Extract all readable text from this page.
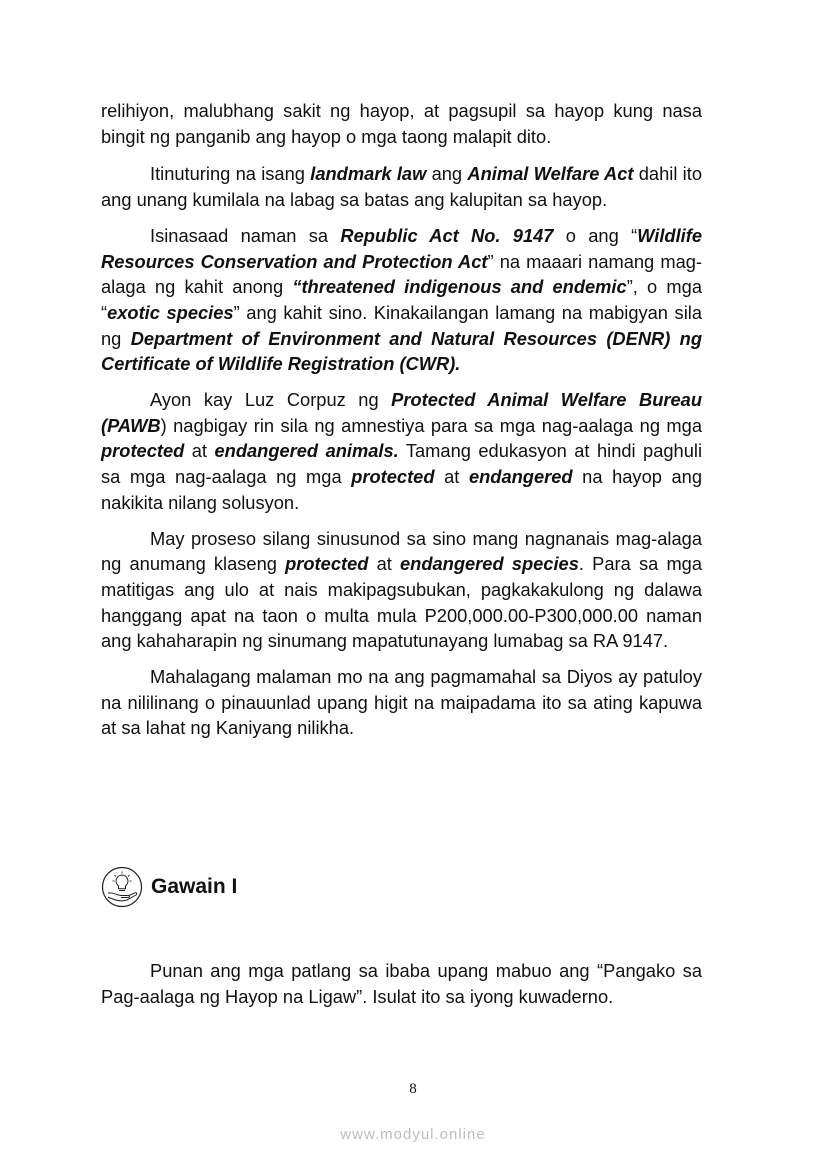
relihiyon, malubhang sakit ng hayop, at pagsupil sa hayop kung nasa bingit ng panganib ang hayop o mga taong malapit dito.

Itinuturing na isang landmark law ang Animal Welfare Act dahil ito ang unang kumilala na labag sa batas ang kalupitan sa hayop.

Isinasaad naman sa Republic Act No. 9147 o ang “Wildlife Resources Conservation and Protection Act” na maaari namang mag-alaga ng kahit anong “threatened indigenous and endemic”, o mga “exotic species” ang kahit sino. Kinakailangan lamang na mabigyan sila ng Department of Environment and Natural Resources (DENR) ng Certificate of Wildlife Registration (CWR).

Ayon kay Luz Corpuz ng Protected Animal Welfare Bureau (PAWB) nagbigay rin sila ng amnestiya para sa mga nag-aalaga ng mga protected at endangered animals. Tamang edukasyon at hindi paghuli sa mga nag-aalaga ng mga protected at endangered na hayop ang nakikita nilang solusyon.

May proseso silang sinusunod sa sino mang nagnanais mag-alaga ng anumang klaseng protected at endangered species. Para sa mga matitigas ang ulo at nais makipagsubukan, pagkakakulong ng dalawa hanggang apat na taon o multa mula P200,000.00-P300,000.00 naman ang kahaharapin ng sinumang mapatutunayang lumabag sa RA 9147.

Mahalagang malaman mo na ang pagmamahal sa Diyos ay patuloy na nililinang o pinauunlad upang higit na maipadama ito sa ating kapuwa at sa lahat ng Kaniyang nilikha.

Gawain I

Punan ang mga patlang sa ibaba upang mabuo ang “Pangako sa Pag-aalaga ng Hayop na Ligaw”. Isulat ito sa iyong kuwaderno.

8
www.modyul.online
